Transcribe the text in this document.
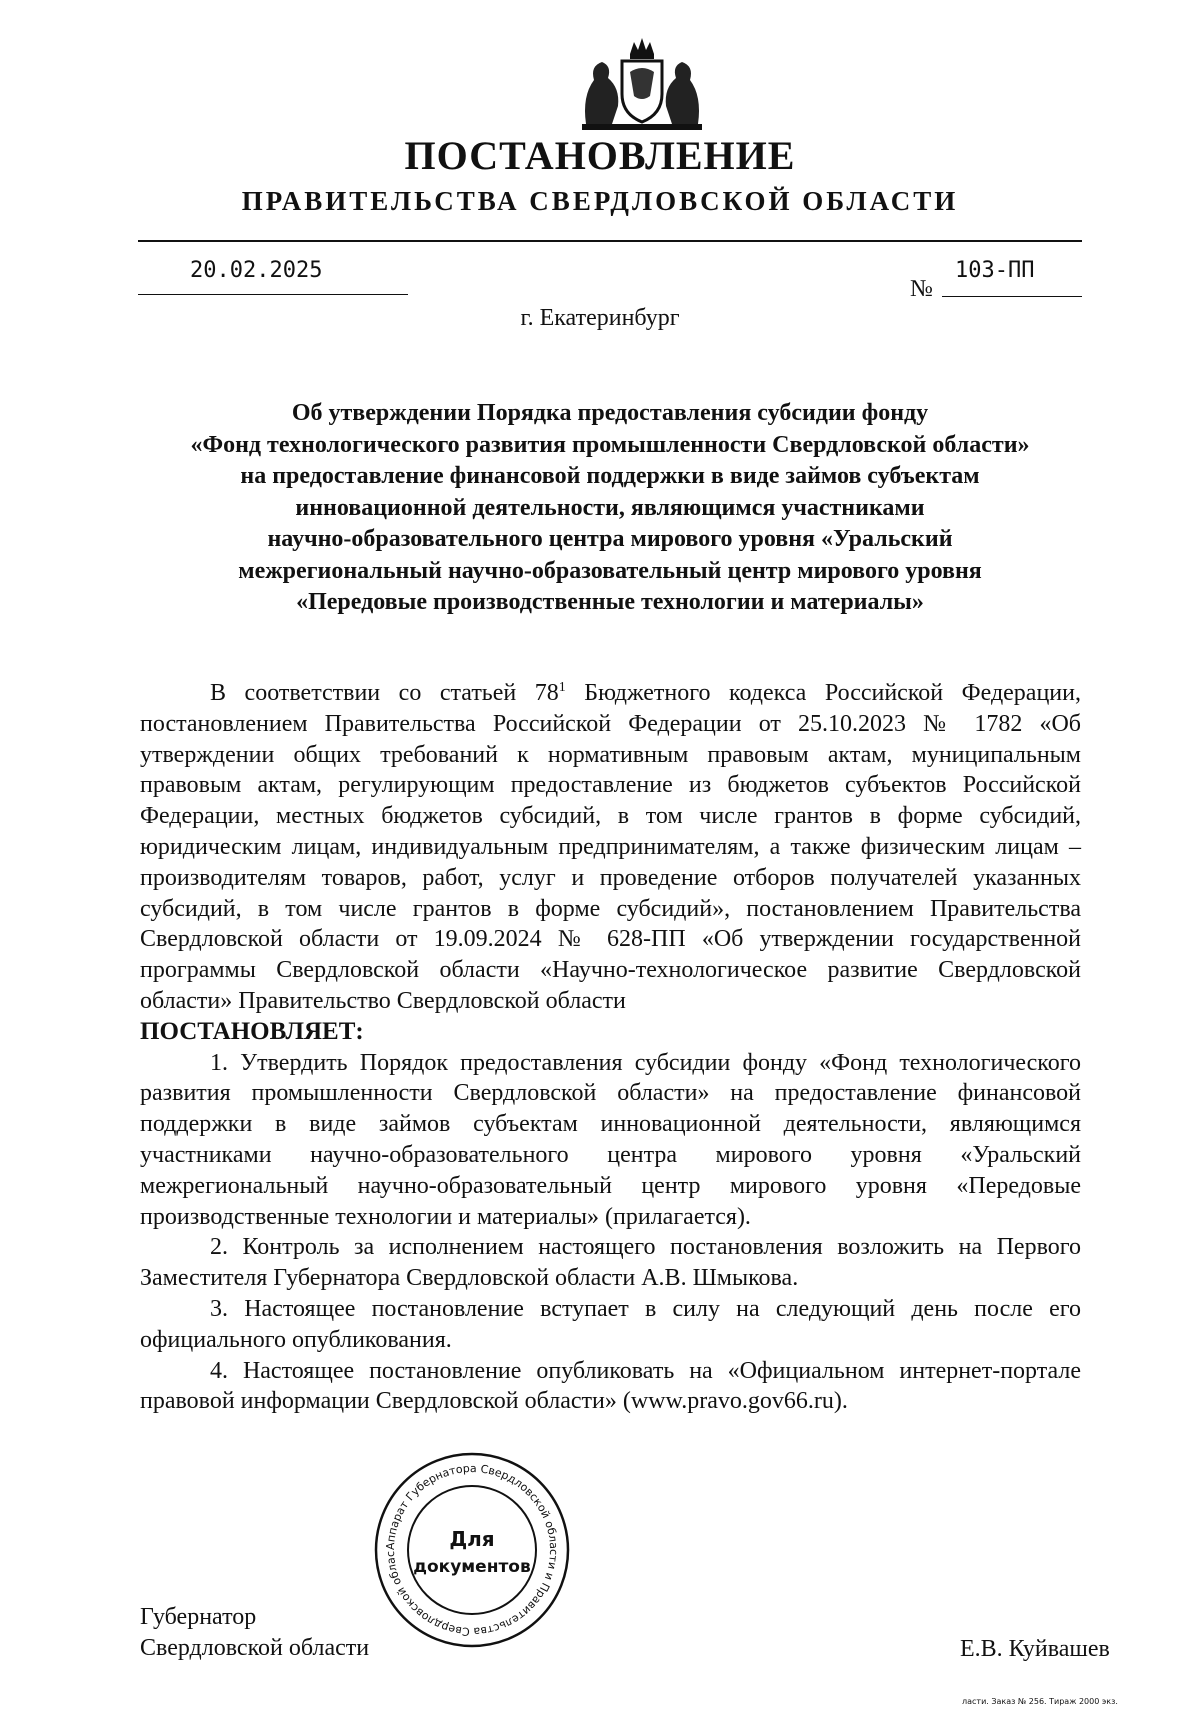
ПОСТАНОВЛЕНИЕ
ПРАВИТЕЛЬСТВА СВЕРДЛОВСКОЙ ОБЛАСТИ
20.02.2025
№
103-ПП
г. Екатеринбург
Об утверждении Порядка предоставления субсидии фонду
«Фонд технологического развития промышленности Свердловской области»
на предоставление финансовой поддержки в виде займов субъектам
инновационной деятельности, являющимся участниками
научно-образовательного центра мирового уровня «Уральский
межрегиональный научно-образовательный центр мирового уровня
«Передовые производственные технологии и материалы»

В соответствии со статьей $78^1$ Бюджетного кодекса Российской Федерации, постановлением Правительства Российской Федерации от 25.10.2023 № 1782 «Об утверждении общих требований к нормативным правовым актам, муниципальным правовым актам, регулирующим предоставление из бюджетов субъектов Российской Федерации, местных бюджетов субсидий, в том числе грантов в форме субсидий, юридическим лицам, индивидуальным предпринимателям, а также физическим лицам – производителям товаров, работ, услуг и проведение отборов получателей указанных субсидий, в том числе грантов в форме субсидий», постановлением Правительства Свердловской области от 19.09.2024 № 628-ПП «Об утверждении государственной программы Свердловской области «Научно-технологическое развитие Свердловской области» Правительство Свердловской области

ПОСТАНОВЛЯЕТ:

1. Утвердить Порядок предоставления субсидии фонду «Фонд технологического развития промышленности Свердловской области» на предоставление финансовой поддержки в виде займов субъектам инновационной деятельности, являющимся участниками научно-образовательного центра мирового уровня «Уральский межрегиональный научно-образовательный центр мирового уровня «Передовые производственные технологии и материалы» (прилагается).

2. Контроль за исполнением настоящего постановления возложить на Первого Заместителя Губернатора Свердловской области А.В. Шмыкова.

3. Настоящее постановление вступает в силу на следующий день после его официального опубликования.

4. Настоящее постановление опубликовать на «Официальном интернет-портале правовой информации Свердловской области» (www.pravo.gov66.ru).

Губернатор
Свердловской области	Е.В. Куйвашев
Аппарат Губернатора Свердловской области и Правительства Свердловской облас
Для
документов
ласти. Заказ № 256. Тираж 2000 экз.
